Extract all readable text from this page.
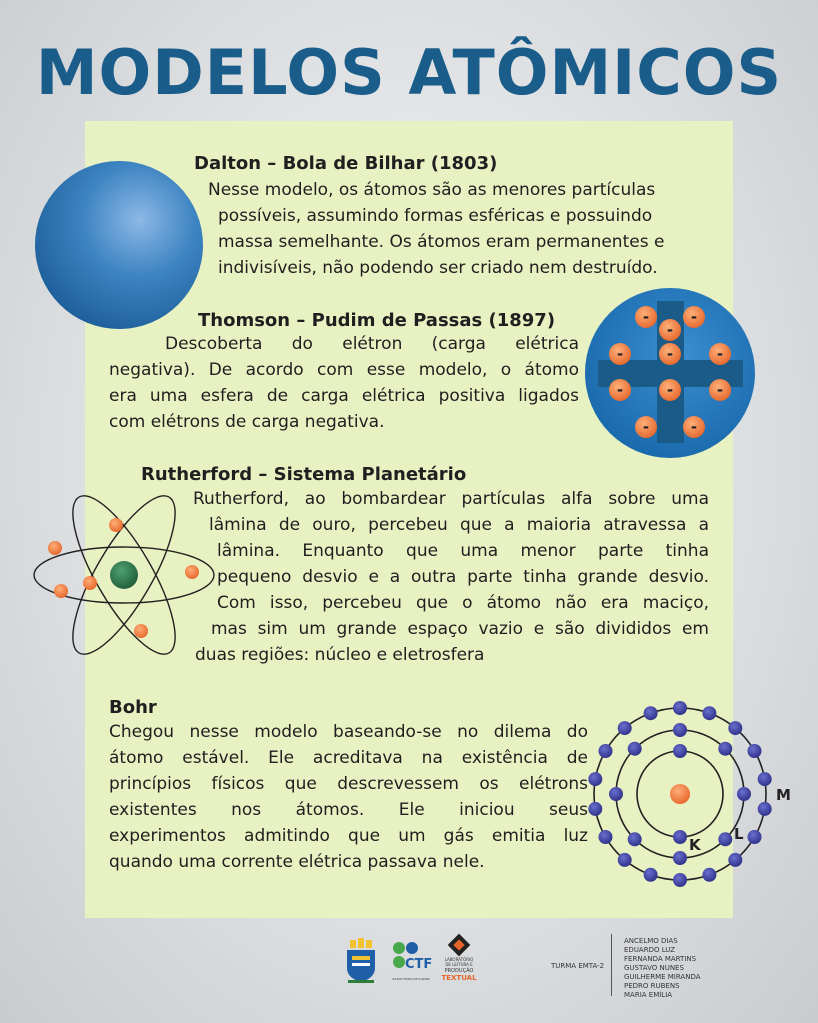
MODELOS ATÔMICOS
Dalton – Bola de Bilhar (1803)
Nesse modelo, os átomos são as menores partículas
possíveis, assumindo formas esféricas e possuindo
massa semelhante. Os átomos eram permanentes e
indivisíveis, não podendo ser criado nem destruído.
Thomson – Pudim de Passas (1897)
Descoberta do elétron (carga elétrica
negativa). De acordo com esse modelo, o átomo
era uma esfera de carga elétrica positiva ligados
com elétrons de carga negativa.
-	-
-
-	-	-
-	-	-
-	-
Rutherford – Sistema Planetário
Rutherford, ao bombardear partículas alfa sobre uma
lâmina de ouro, percebeu que a maioria atravessa a
lâmina. Enquanto que uma menor parte tinha
pequeno desvio e a outra parte tinha grande desvio.
Com isso, percebeu que o átomo não era maciço,
mas sim um grande espaço vazio e são divididos em
duas regiões: núcleo e eletrosfera
Bohr
Chegou nesse modelo baseando-se no dilema do
átomo estável. Ele acreditava na existência de
princípios físicos que descrevessem os elétrons
existentes nos átomos. Ele iniciou seus
experimentos admitindo que um gás emitia luz
quando uma corrente elétrica passava nele.
K
L
M
CTF
COLÉGIO TÉCNICO DE FLORIANO
LABORATÓRIO
DE LEITURA E
PRODUÇÃO
TEXTUAL
TURMA EMTA-2
ANCELMO DIAS
EDUARDO LUZ
FERNANDA MARTINS
GUSTAVO NUNES
GUILHERME MIRANDA
PEDRO RUBENS
MARIA EMÍLIA
